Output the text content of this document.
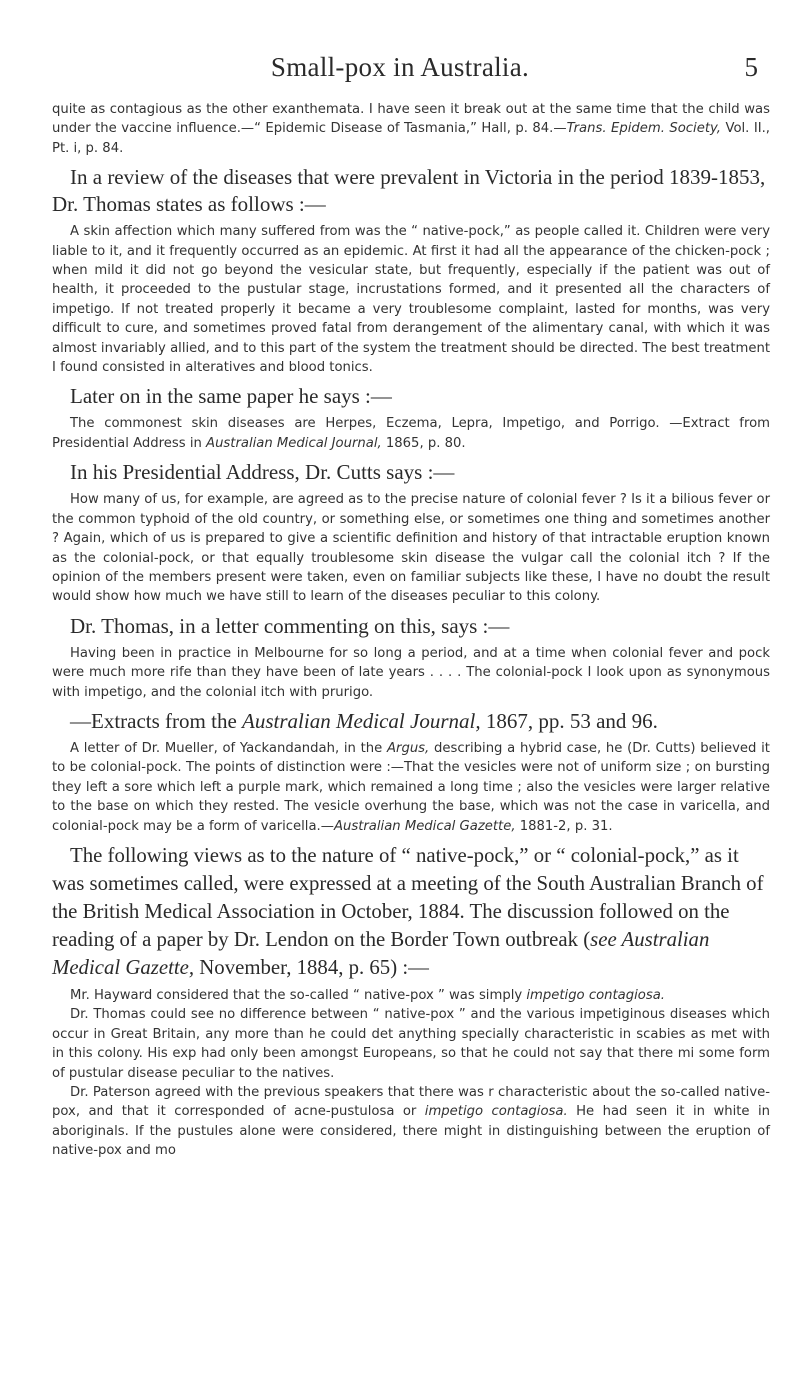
Small-pox in Australia.	5

quite as contagious as the other exanthemata. I have seen it break out at the same time that the child was under the vaccine influence.—“ Epidemic Disease of Tasmania,” Hall, p. 84.—Trans. Epidem. Society, Vol. II., Pt. i, p. 84.

In a review of the diseases that were prevalent in Victoria in the period 1839-1853, Dr. Thomas states as follows :—

A skin affection which many suffered from was the “ native-pock,” as people called it. Children were very liable to it, and it frequently occurred as an epidemic. At first it had all the appearance of the chicken-pock ; when mild it did not go beyond the vesicular state, but frequently, especially if the patient was out of health, it proceeded to the pustular stage, incrustations formed, and it presented all the characters of impetigo. If not treated properly it became a very troublesome complaint, lasted for months, was very difficult to cure, and sometimes proved fatal from derangement of the alimentary canal, with which it was almost invariably allied, and to this part of the system the treatment should be directed. The best treatment I found consisted in alteratives and blood tonics.

Later on in the same paper he says :—

The commonest skin diseases are Herpes, Eczema, Lepra, Impetigo, and Porrigo. —Extract from Presidential Address in Australian Medical Journal, 1865, p. 80.

In his Presidential Address, Dr. Cutts says :—

How many of us, for example, are agreed as to the precise nature of colonial fever ? Is it a bilious fever or the common typhoid of the old country, or something else, or sometimes one thing and sometimes another ? Again, which of us is prepared to give a scientific definition and history of that intractable eruption known as the colonial-pock, or that equally troublesome skin disease the vulgar call the colonial itch ? If the opinion of the members present were taken, even on familiar subjects like these, I have no doubt the result would show how much we have still to learn of the diseases peculiar to this colony.

Dr. Thomas, in a letter commenting on this, says :—

Having been in practice in Melbourne for so long a period, and at a time when colonial fever and pock were much more rife than they have been of late years . . . . The colonial-pock I look upon as synonymous with impetigo, and the colonial itch with prurigo.

—Extracts from the Australian Medical Journal, 1867, pp. 53 and 96.

A letter of Dr. Mueller, of Yackandandah, in the Argus, describing a hybrid case, he (Dr. Cutts) believed it to be colonial-pock. The points of distinction were :—That the vesicles were not of uniform size ; on bursting they left a sore which left a purple mark, which remained a long time ; also the vesicles were larger relative to the base on which they rested. The vesicle overhung the base, which was not the case in varicella, and colonial-pock may be a form of varicella.—Australian Medical Gazette, 1881-2, p. 31.

The following views as to the nature of “ native-pock,” or “ colonial-pock,” as it was sometimes called, were expressed at a meeting of the South Australian Branch of the British Medical Association in October, 1884. The discussion followed on the reading of a paper by Dr. Lendon on the Border Town outbreak (see Australian Medical Gazette, November, 1884, p. 65) :—

Mr. Hayward considered that the so-called “ native-pox ” was simply impetigo contagiosa.

Dr. Thomas could see no difference between “ native-pox ” and the various impetiginous diseases which occur in Great Britain, any more than he could det anything specially characteristic in scabies as met with in this colony. His exp had only been amongst Europeans, so that he could not say that there mi some form of pustular disease peculiar to the natives.

Dr. Paterson agreed with the previous speakers that there was r characteristic about the so-called native-pox, and that it corresponded of acne-pustulosa or impetigo contagiosa. He had seen it in white in aboriginals. If the pustules alone were considered, there might in distinguishing between the eruption of native-pox and mo
